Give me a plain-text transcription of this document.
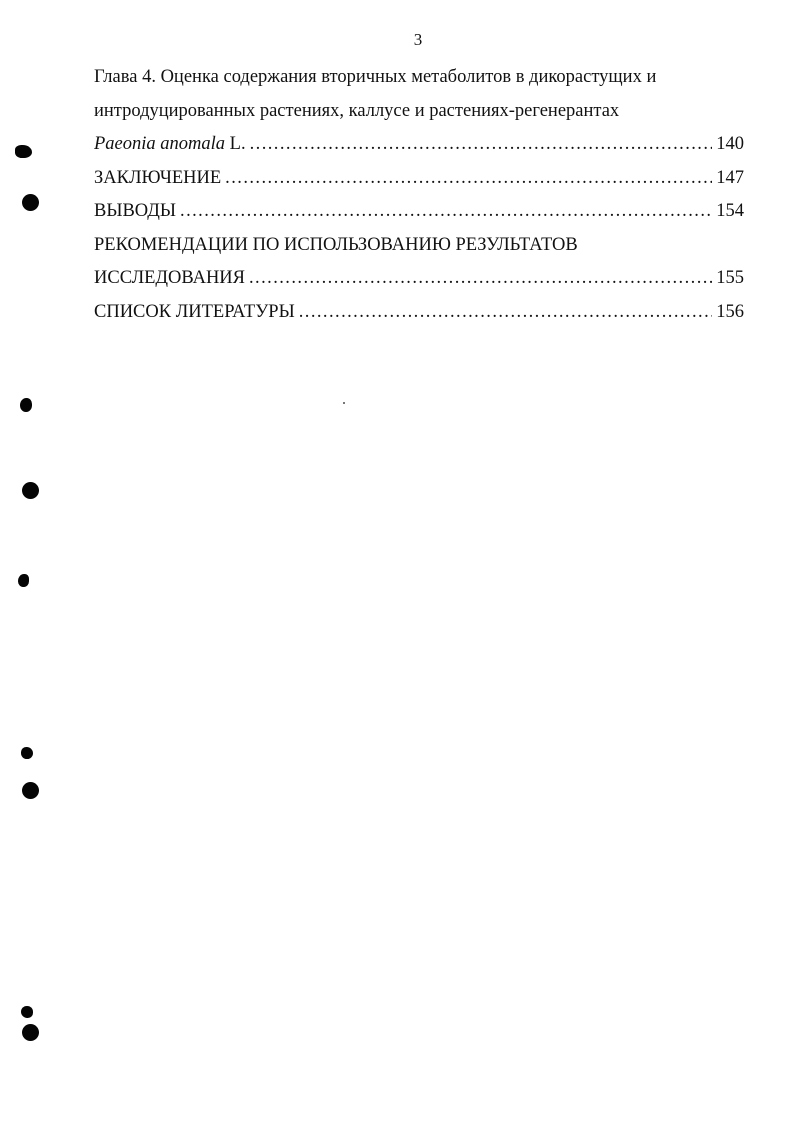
3
Глава 4. Оценка содержания вторичных метаболитов в дикорастущих и
интродуцированных растениях, каллусе и растениях-регенерантах
Paeonia anomala L. . . .	140
ЗАКЛЮЧЕНИЕ . . .	147
ВЫВОДЫ . . .	154
РЕКОМЕНДАЦИИ ПО ИСПОЛЬЗОВАНИЮ РЕЗУЛЬТАТОВ
ИССЛЕДОВАНИЯ . . .	155
СПИСОК ЛИТЕРАТУРЫ . . .	156
